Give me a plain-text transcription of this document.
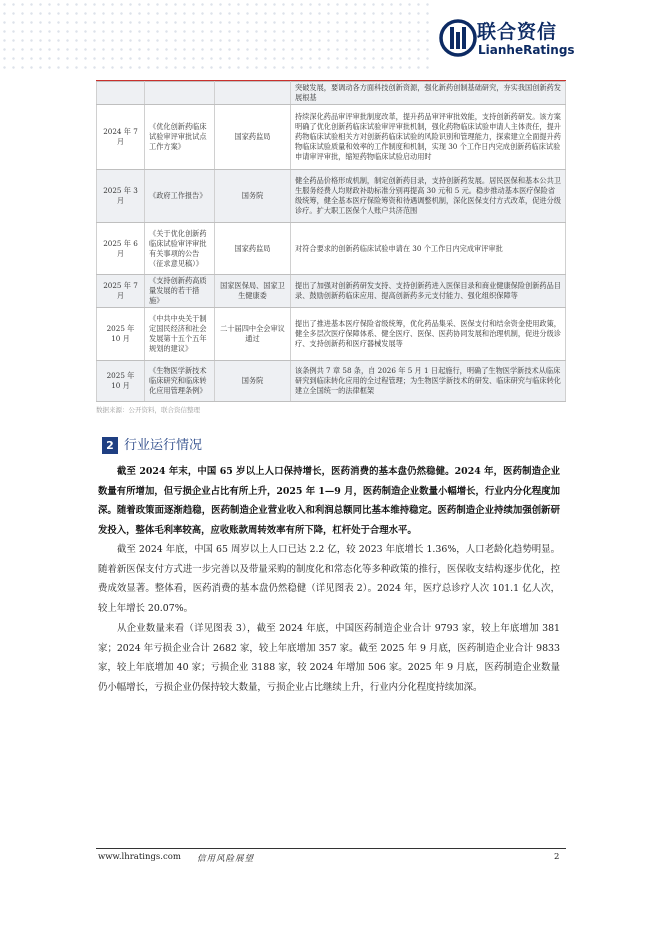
联合资信
LianheRatings
			突破发展，要调动各方面科技创新资源，强化新药创制基础研究，夯实我国创新药发展根基
2024 年 7 月	《优化创新药临床试验审评审批试点工作方案》	国家药监局	持续深化药品审评审批制度改革，提升药品审评审批效能，支持创新药研发。该方案明确了优化创新药临床试验审评审批机制，强化药物临床试验申请人主体责任，提升药物临床试验相关方对创新药临床试验的风险识别和管理能力，探索建立全面提升药物临床试验质量和效率的工作制度和机制，实现 30 个工作日内完成创新药临床试验申请审评审批，缩短药物临床试验启动用时
2025 年 3 月	《政府工作报告》	国务院	健全药品价格形成机制，制定创新药目录，支持创新药发展。居民医保和基本公共卫生服务经费人均财政补助标准分别再提高 30 元和 5 元。稳步推动基本医疗保险省级统筹，健全基本医疗保险筹资和待遇调整机制，深化医保支付方式改革，促进分级诊疗。扩大职工医保个人账户共济范围
2025 年 6 月	《关于优化创新药临床试验审评审批有关事项的公告（征求意见稿）》	国家药监局	对符合要求的创新药临床试验申请在 30 个工作日内完成审评审批
2025 年 7 月	《支持创新药高质量发展的若干措施》	国家医保局、国家卫生健康委	提出了加强对创新药研发支持、支持创新药进入医保目录和商业健康保险创新药品目录、鼓励创新药临床应用、提高创新药多元支付能力、强化组织保障等
2025 年 10 月	《中共中央关于制定国民经济和社会发展第十五个五年规划的建议》	二十届四中全会审议通过	提出了推进基本医疗保险省级统筹，优化药品集采、医保支付和结余资金使用政策，健全多层次医疗保障体系、健全医疗、医保、医药协同发展和治理机制，促进分级诊疗、支持创新药和医疗器械发展等
2025 年 10 月	《生物医学新技术临床研究和临床转化应用管理条例》	国务院	该条例共 7 章 58 条，自 2026 年 5 月 1 日起施行，明确了生物医学新技术从临床研究到临床转化应用的全过程管理；为生物医学新技术的研发、临床研究与临床转化建立全国统一的法律框架
数据来源：公开资料，联合资信整理
2 行业运行情况

截至 2024 年末，中国 65 岁以上人口保持增长，医药消费的基本盘仍然稳健。2024 年，医药制造企业数量有所增加，但亏损企业占比有所上升，2025 年 1—9 月，医药制造企业数量小幅增长，行业内分化程度加深。随着政策面逐渐趋稳，医药制造企业营业收入和利润总额同比基本维持稳定。医药制造企业持续加强创新研发投入，整体毛利率较高，应收账款周转效率有所下降，杠杆处于合理水平。

截至 2024 年底，中国 65 周岁以上人口已达 2.2 亿，较 2023 年底增长 1.36%，人口老龄化趋势明显。随着新医保支付方式进一步完善以及带量采购的制度化和常态化等多种政策的推行，医保收支结构逐步优化，控费成效显著。整体看，医药消费的基本盘仍然稳健（详见图表 2）。2024 年，医疗总诊疗人次 101.1 亿人次，较上年增长 20.07%。

从企业数量来看（详见图表 3），截至 2024 年底，中国医药制造企业合计 9793 家，较上年底增加 381 家；2024 年亏损企业合计 2682 家，较上年底增加 357 家。截至 2025 年 9 月底，医药制造企业合计 9833 家，较上年底增加 40 家；亏损企业 3188 家，较 2024 年增加 506 家。2025 年 9 月底，医药制造企业数量仍小幅增长，亏损企业仍保持较大数量，亏损企业占比继续上升，行业内分化程度持续加深。

www.lhratings.com 信用风险展望	2
